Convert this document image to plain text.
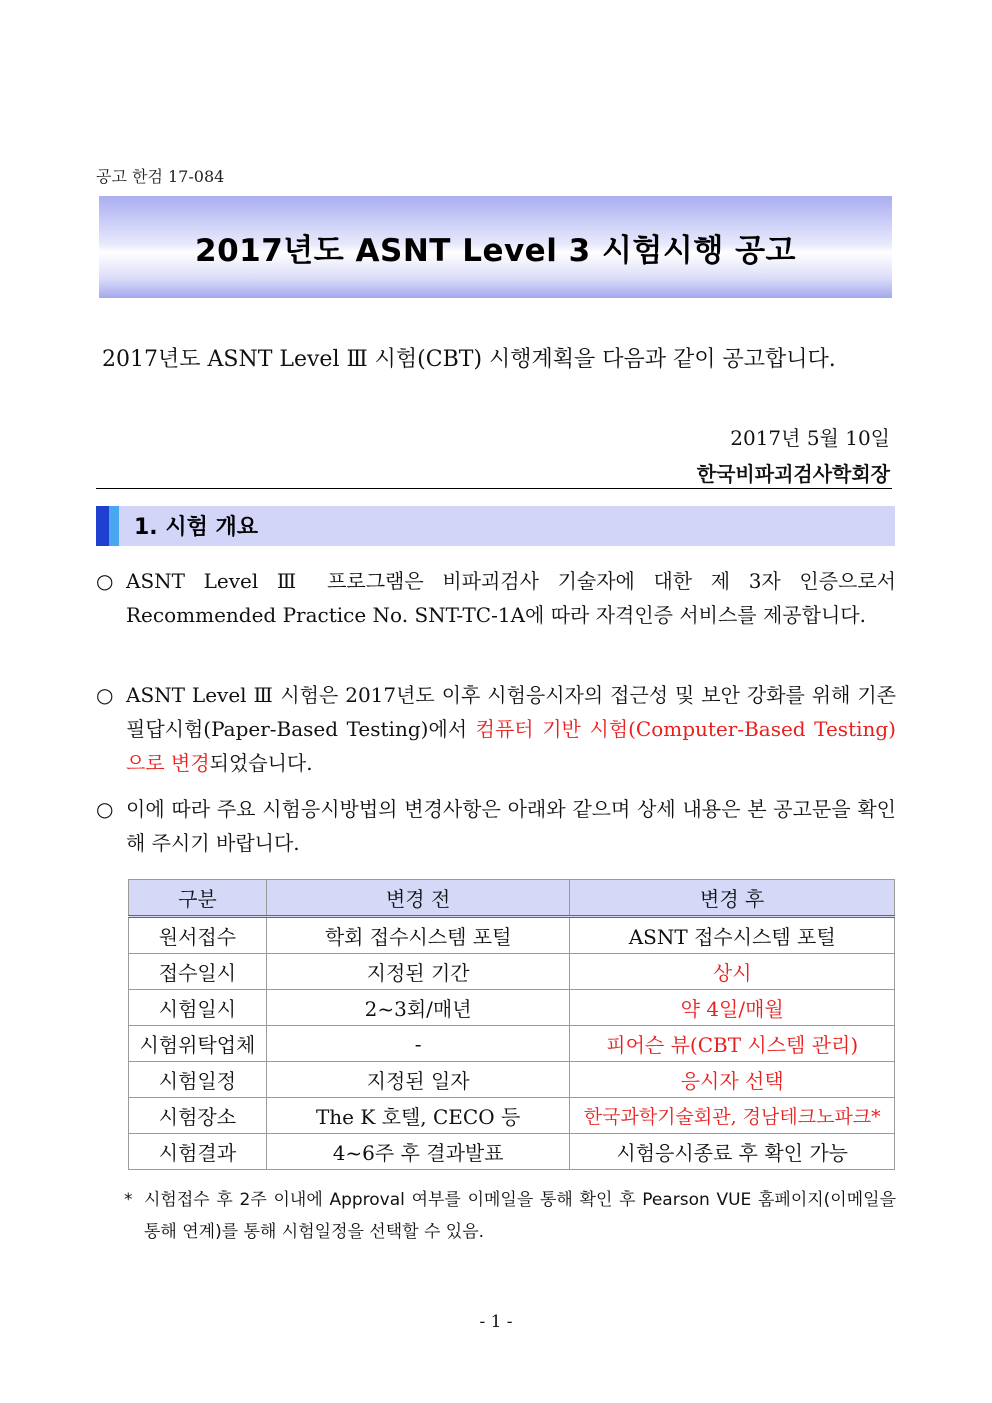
공고 한검 17-084
2017년도 ASNT Level 3 시험시행 공고
2017년도 ASNT Level Ⅲ 시험(CBT) 시행계획을 다음과 같이 공고합니다.
2017년 5월 10일
한국비파괴검사학회장
1. 시험 개요
○ ASNT Level Ⅲ 프로그램은 비파괴검사 기술자에 대한 제 3자 인증으로서 Recommended Practice No. SNT-TC-1A에 따라 자격인증 서비스를 제공합니다.
○ ASNT Level Ⅲ 시험은 2017년도 이후 시험응시자의 접근성 및 보안 강화를 위해 기존 필답시험(Paper-Based Testing)에서 컴퓨터 기반 시험(Computer-Based Testing)으로 변경되었습니다.
○ 이에 따라 주요 시험응시방법의 변경사항은 아래와 같으며 상세 내용은 본 공고문을 확인해 주시기 바랍니다.
구분	변경 전	변경 후
원서접수	학회 접수시스템 포털	ASNT 접수시스템 포털
접수일시	지정된 기간	상시
시험일시	2~3회/매년	약 4일/매월
시험위탁업체	-	피어슨 뷰(CBT 시스템 관리)
시험일정	지정된 일자	응시자 선택
시험장소	The K 호텔, CECO 등	한국과학기술회관, 경남테크노파크*
시험결과	4~6주 후 결과발표	시험응시종료 후 확인 가능
* 시험접수 후 2주 이내에 Approval 여부를 이메일을 통해 확인 후 Pearson VUE 홈페이지(이메일을 통해 연계)를 통해 시험일정을 선택할 수 있음.
- 1 -
